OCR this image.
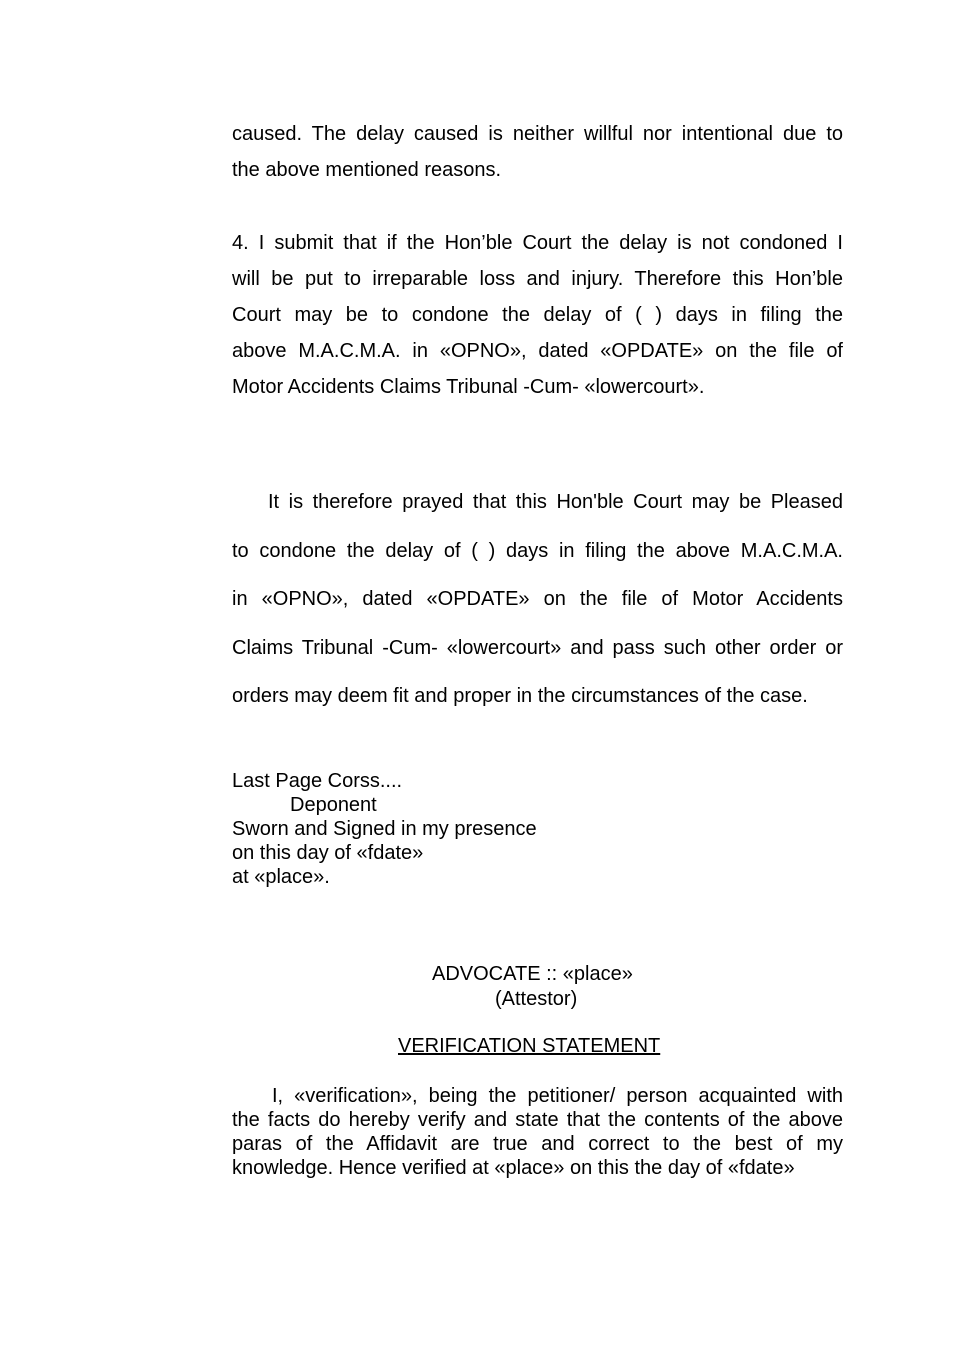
caused. The delay caused is neither willful nor intentional due to
the above mentioned reasons.
4. I submit that if the Hon’ble Court the delay is not condoned I
will be put to irreparable loss and injury. Therefore this Hon’ble
Court may be to condone the delay of ( ) days in filing the
above M.A.C.M.A. in «OPNO», dated «OPDATE» on the file of
Motor Accidents Claims Tribunal -Cum- «lowercourt».
It is therefore prayed that this Hon'ble Court may be Pleased
to condone the delay of ( ) days in filing the above M.A.C.M.A.
in «OPNO», dated «OPDATE» on the file of Motor Accidents
Claims Tribunal -Cum- «lowercourt» and pass such other order or
orders may deem fit and proper in the circumstances of the case.
Last Page Corss....
Deponent
Sworn and Signed in my presence
on this day of «fdate»
at «place».
ADVOCATE :: «place»
(Attestor)
VERIFICATION STATEMENT
I, «verification», being the petitioner/ person acquainted with
the facts do hereby verify and state that the contents of the above
paras of the Affidavit are true and correct to the best of my
knowledge. Hence verified at «place» on this the day of «fdate»
